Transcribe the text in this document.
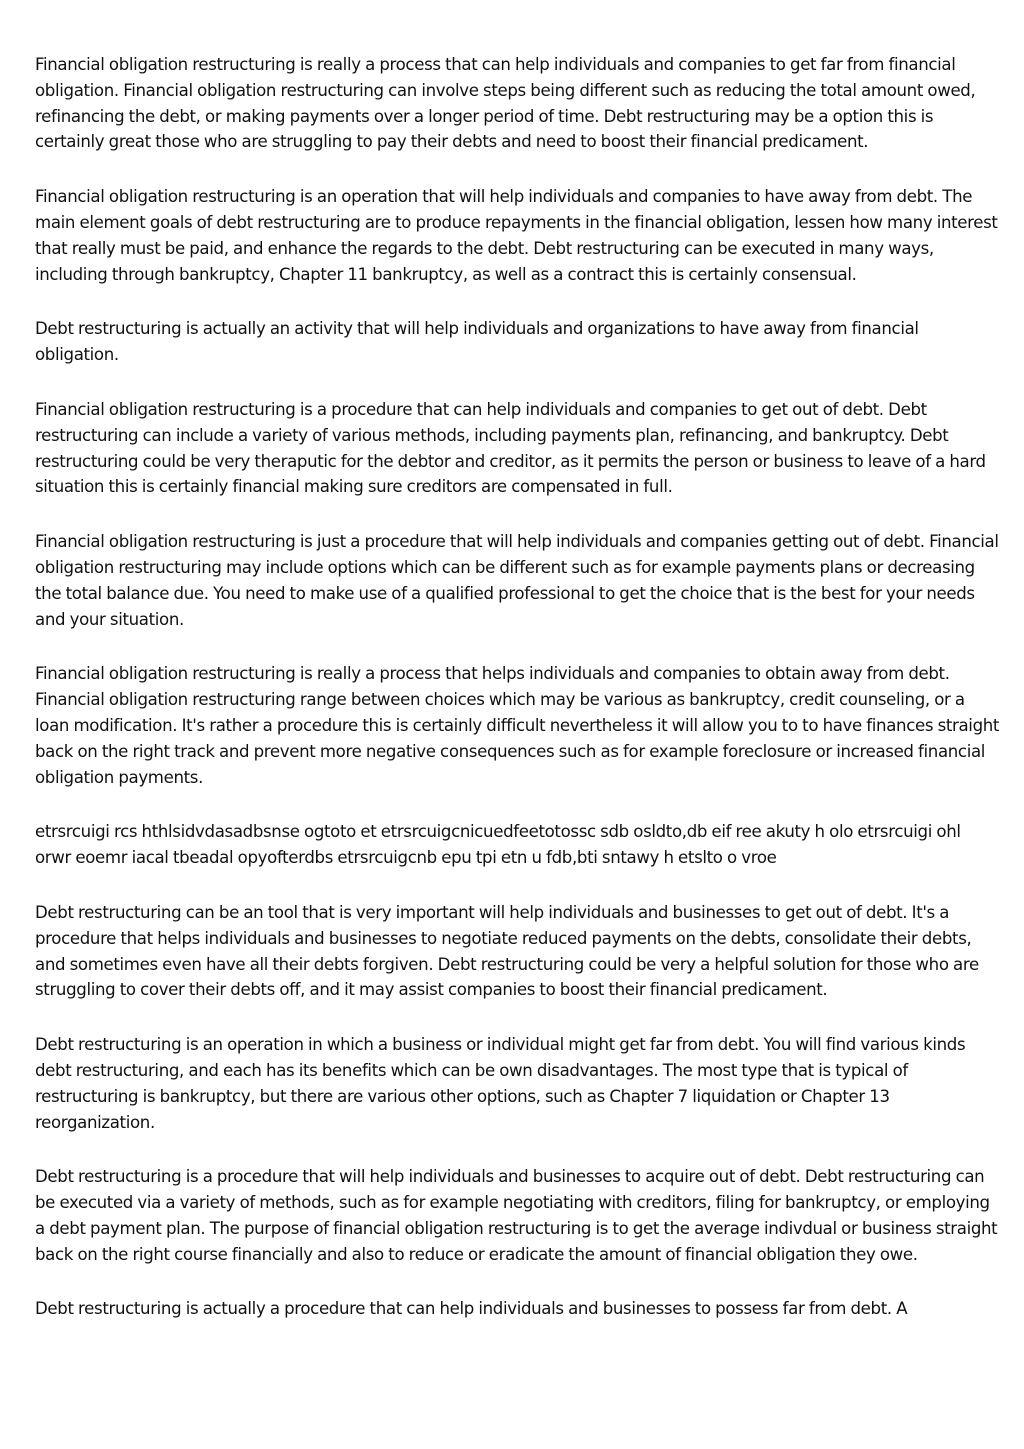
Financial obligation restructuring is really a process that can help individuals and companies to get far from financial obligation. Financial obligation restructuring can involve steps being different such as reducing the total amount owed, refinancing the debt, or making payments over a longer period of time. Debt restructuring may be a option this is certainly great those who are struggling to pay their debts and need to boost their financial predicament.

Financial obligation restructuring is an operation that will help individuals and companies to have away from debt. The main element goals of debt restructuring are to produce repayments in the financial obligation, lessen how many interest that really must be paid, and enhance the regards to the debt. Debt restructuring can be executed in many ways, including through bankruptcy, Chapter 11 bankruptcy, as well as a contract this is certainly consensual.

Debt restructuring is actually an activity that will help individuals and organizations to have away from financial obligation.

Financial obligation restructuring is a procedure that can help individuals and companies to get out of debt. Debt restructuring can include a variety of various methods, including payments plan, refinancing, and bankruptcy. Debt restructuring could be very theraputic for the debtor and creditor, as it permits the person or business to leave of a hard situation this is certainly financial making sure creditors are compensated in full.

Financial obligation restructuring is just a procedure that will help individuals and companies getting out of debt. Financial obligation restructuring may include options which can be different such as for example payments plans or decreasing the total balance due. You need to make use of a qualified professional to get the choice that is the best for your needs and your situation.

Financial obligation restructuring is really a process that helps individuals and companies to obtain away from debt. Financial obligation restructuring range between choices which may be various as bankruptcy, credit counseling, or a loan modification. It's rather a procedure this is certainly difficult nevertheless it will allow you to to have finances straight back on the right track and prevent more negative consequences such as for example foreclosure or increased financial obligation payments.

etrsrcuigi rcs hthlsidvdasadbsnse ogtoto et etrsrcuigcnicuedfeetotossc sdb osldto,db eif ree akuty h olo etrsrcuigi ohl orwr eoemr iacal tbeadal opyofterdbs etrsrcuigcnb epu tpi etn u fdb,bti sntawy h etslto o vroe

Debt restructuring can be an tool that is very important will help individuals and businesses to get out of debt. It's a procedure that helps individuals and businesses to negotiate reduced payments on the debts, consolidate their debts, and sometimes even have all their debts forgiven. Debt restructuring could be very a helpful solution for those who are struggling to cover their debts off, and it may assist companies to boost their financial predicament.

Debt restructuring is an operation in which a business or individual might get far from debt. You will find various kinds debt restructuring, and each has its benefits which can be own disadvantages. The most type that is typical of restructuring is bankruptcy, but there are various other options, such as Chapter 7 liquidation or Chapter 13 reorganization.

Debt restructuring is a procedure that will help individuals and businesses to acquire out of debt. Debt restructuring can be executed via a variety of methods, such as for example negotiating with creditors, filing for bankruptcy, or employing a debt payment plan. The purpose of financial obligation restructuring is to get the average indivdual or business straight back on the right course financially and also to reduce or eradicate the amount of financial obligation they owe.

Debt restructuring is actually a procedure that can help individuals and businesses to possess far from debt. A
